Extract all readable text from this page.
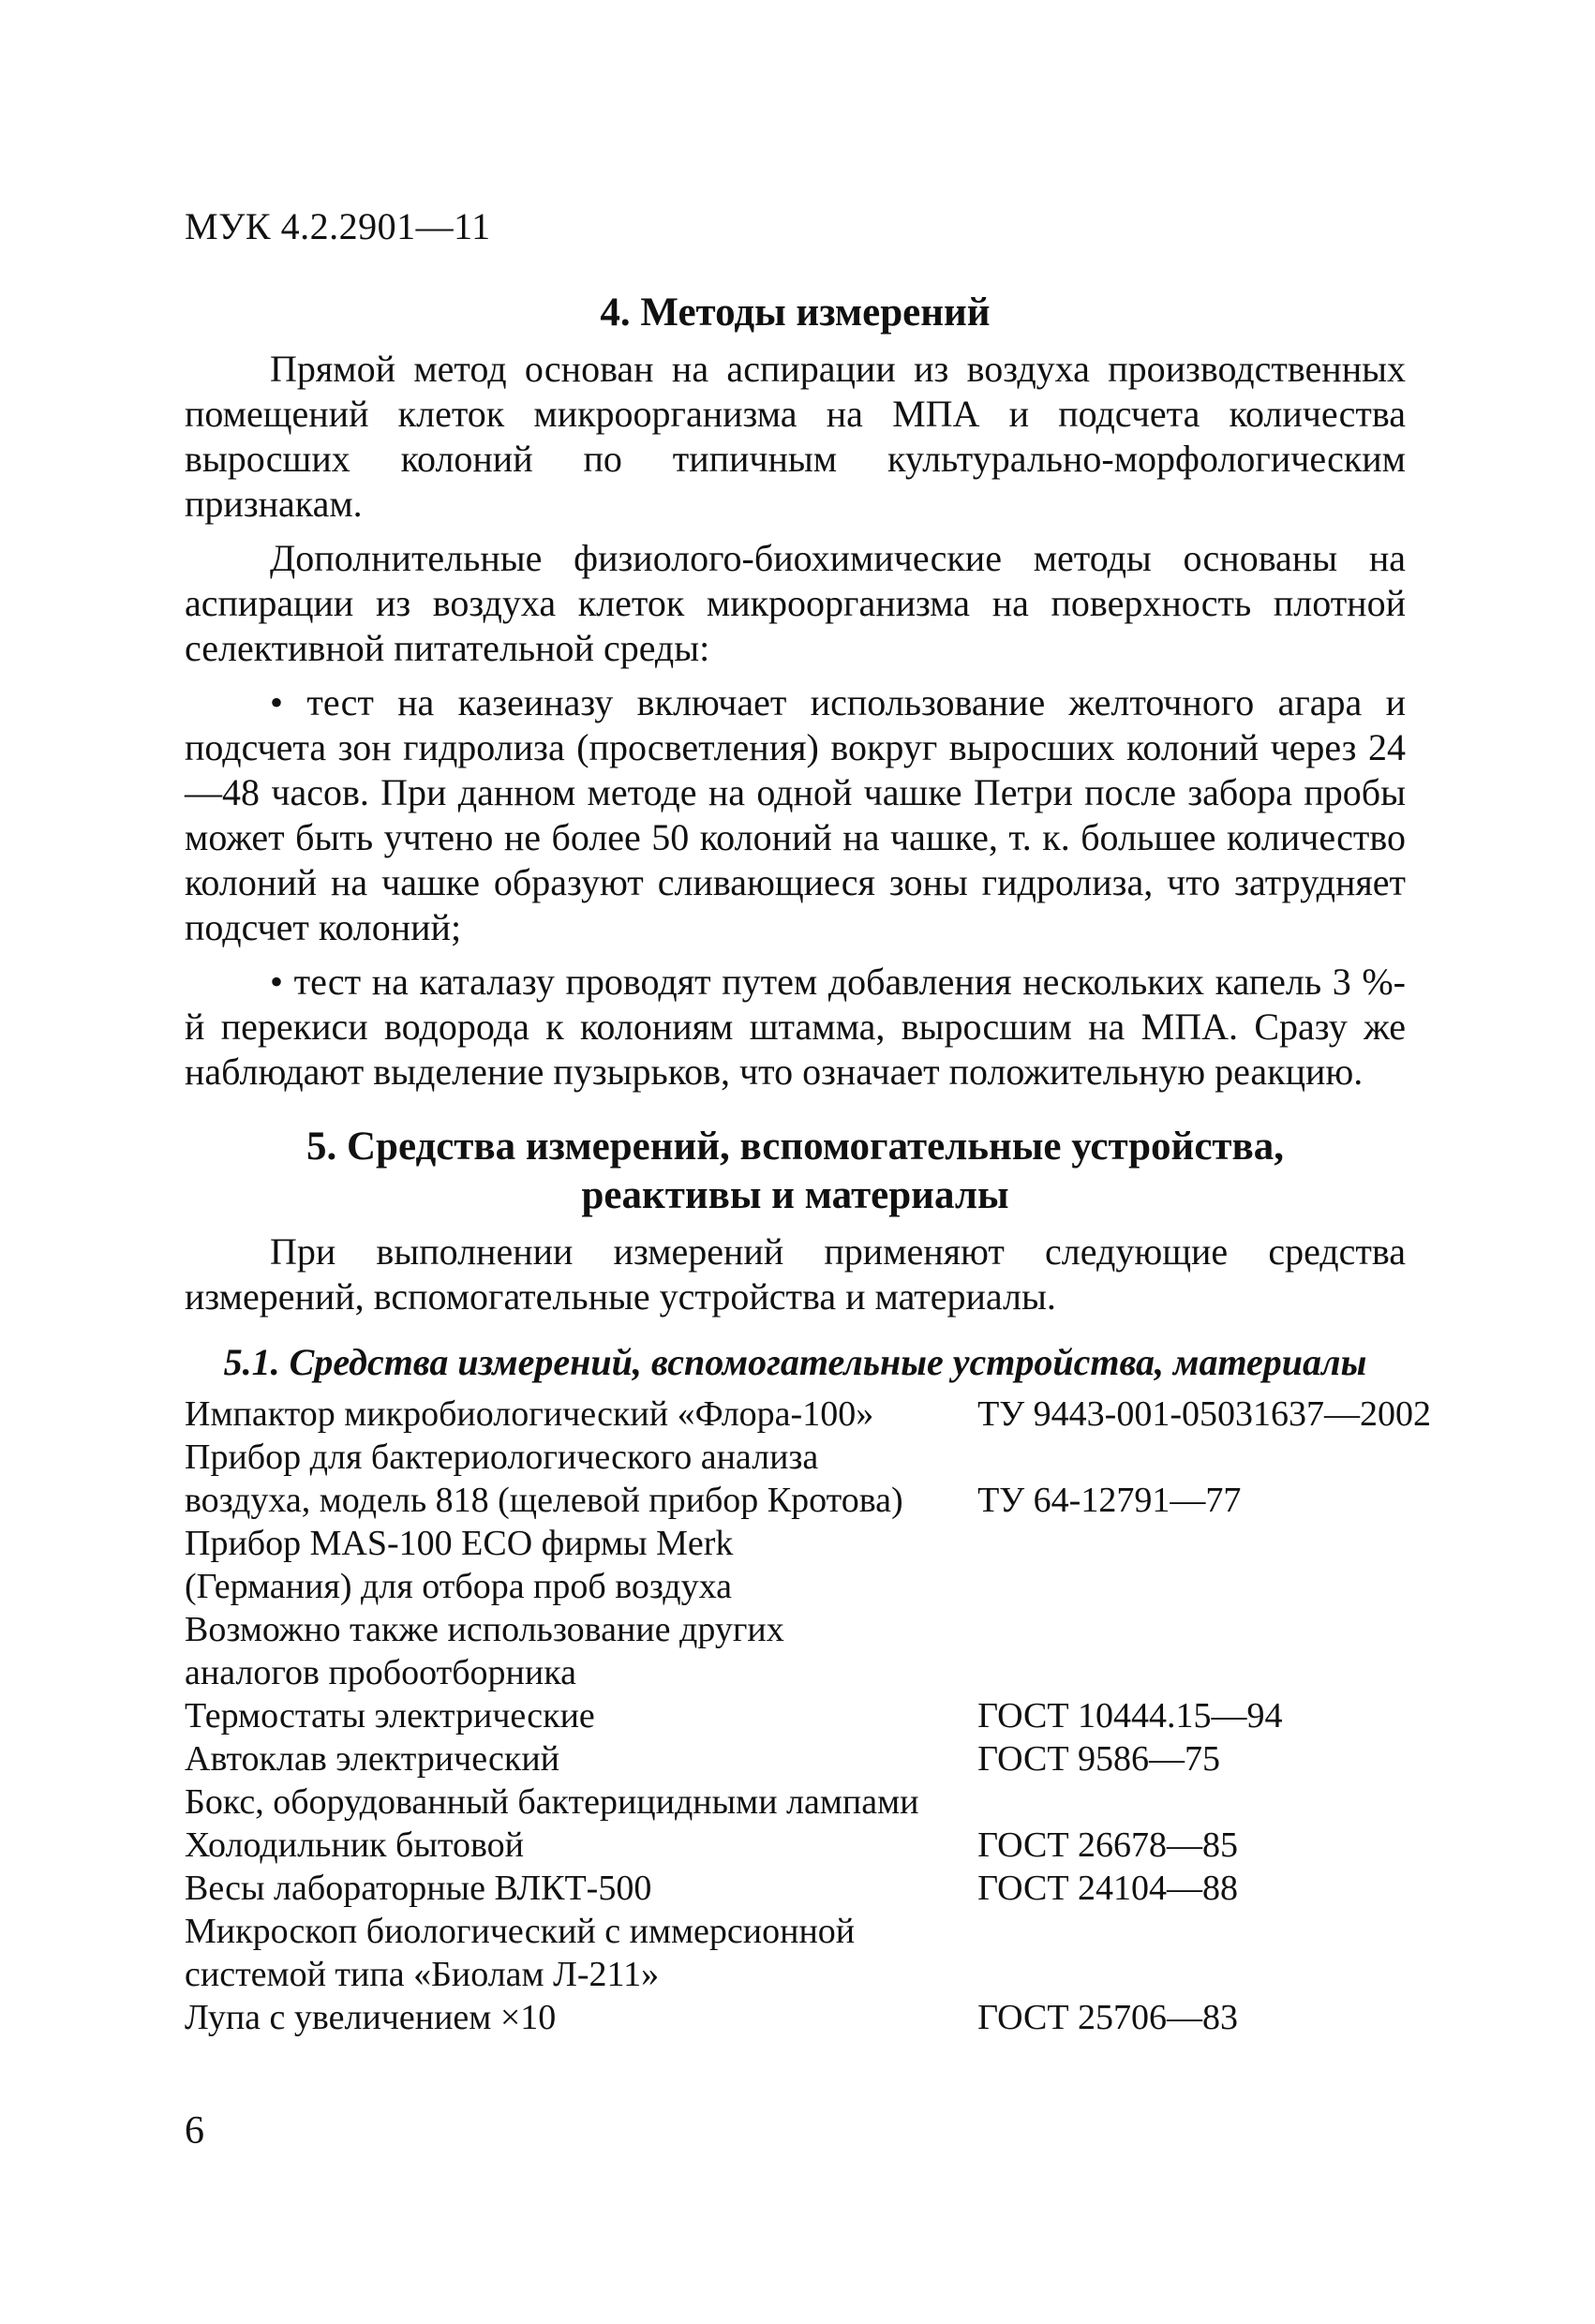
МУК 4.2.2901—11
4. Методы измерений

Прямой метод основан на аспирации из воздуха производственных помещений клеток микроорганизма на МПА и подсчета количества выросших колоний по типичным культурально-морфологическим признакам.

Дополнительные физиолого-биохимические методы основаны на аспирации из воздуха клеток микроорганизма на поверхность плотной селективной питательной среды:

• тест на казеиназу включает использование желточного агара и подсчета зон гидролиза (просветления) вокруг выросших колоний через 24—48 часов. При данном методе на одной чашке Петри после забора пробы может быть учтено не более 50 колоний на чашке, т. к. большее количество колоний на чашке образуют сливающиеся зоны гидролиза, что затрудняет подсчет колоний;

• тест на каталазу проводят путем добавления нескольких капель 3 %-й перекиси водорода к колониям штамма, выросшим на МПА. Сразу же наблюдают выделение пузырьков, что означает положительную реакцию.

5. Средства измерений, вспомогательные устройства,
реактивы и материалы

При выполнении измерений применяют следующие средства измерений, вспомогательные устройства и материалы.

5.1. Средства измерений, вспомогательные устройства, материалы
Импактор микробиологический «Флора-100»	ТУ 9443-001-05031637—2002
Прибор для бактериологического анализа	
воздуха, модель 818 (щелевой прибор Кротова)	ТУ 64-12791—77
Прибор MAS-100 ECO фирмы Merk	
(Германия) для отбора проб воздуха	
Возможно также использование других	
аналогов пробоотборника	
Термостаты электрические	ГОСТ 10444.15—94
Автоклав электрический	ГОСТ 9586—75
Бокс, оборудованный бактерицидными лампами	
Холодильник бытовой	ГОСТ 26678—85
Весы лабораторные ВЛКТ-500	ГОСТ 24104—88
Микроскоп биологический с иммерсионной	
системой типа «Биолам Л-211»	
Лупа с увеличением ×10	ГОСТ 25706—83
6
